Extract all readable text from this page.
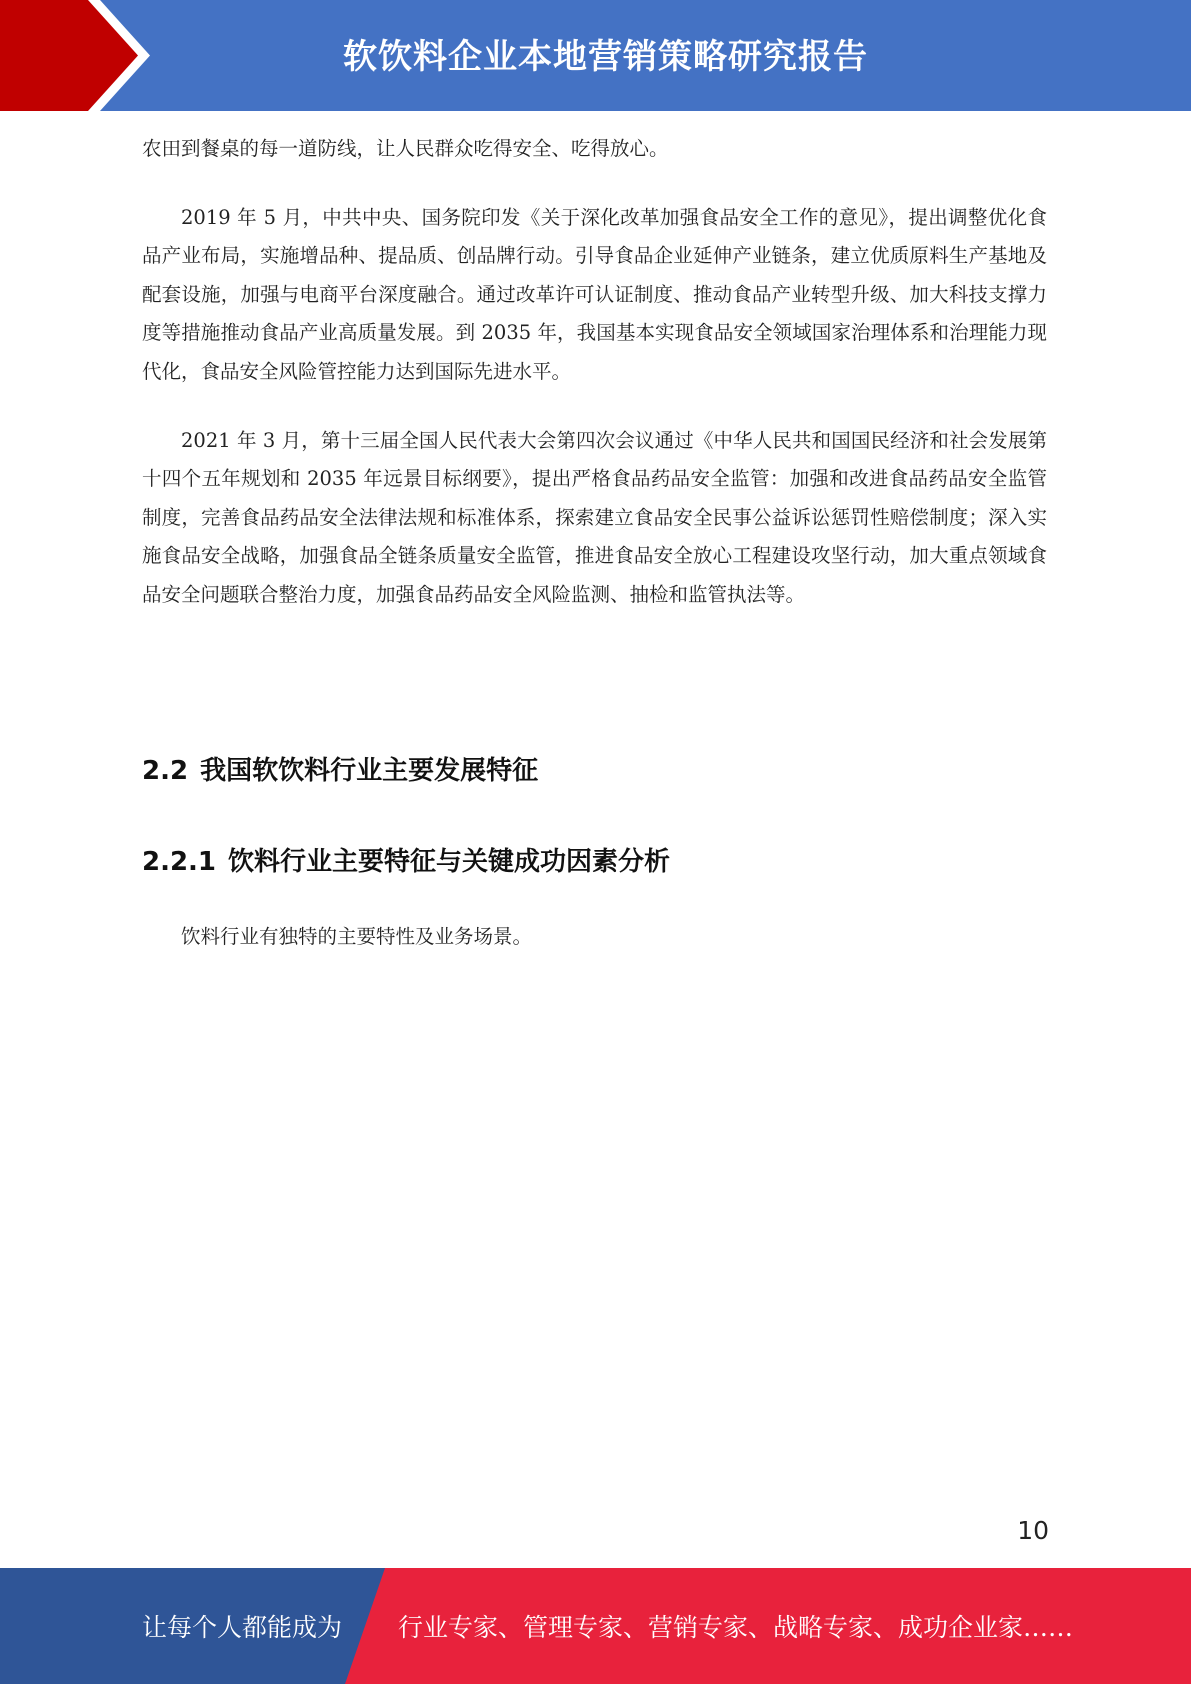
软饮料企业本地营销策略研究报告

农田到餐桌的每一道防线，让人民群众吃得安全、吃得放心。

2019 年 5 月，中共中央、国务院印发《关于深化改革加强食品安全工作的意见》，提出调整优化食品产业布局，实施增品种、提品质、创品牌行动。引导食品企业延伸产业链条，建立优质原料生产基地及配套设施，加强与电商平台深度融合。通过改革许可认证制度、推动食品产业转型升级、加大科技支撑力度等措施推动食品产业高质量发展。到 2035 年，我国基本实现食品安全领域国家治理体系和治理能力现代化，食品安全风险管控能力达到国际先进水平。

2021 年 3 月，第十三届全国人民代表大会第四次会议通过《中华人民共和国国民经济和社会发展第十四个五年规划和 2035 年远景目标纲要》，提出严格食品药品安全监管：加强和改进食品药品安全监管制度，完善食品药品安全法律法规和标准体系，探索建立食品安全民事公益诉讼惩罚性赔偿制度；深入实施食品安全战略，加强食品全链条质量安全监管，推进食品安全放心工程建设攻坚行动，加大重点领域食品安全问题联合整治力度，加强食品药品安全风险监测、抽检和监管执法等。

2.2 我国软饮料行业主要发展特征
2.2.1 饮料行业主要特征与关键成功因素分析

饮料行业有独特的主要特性及业务场景。

10
让每个人都能成为 行业专家、管理专家、营销专家、战略专家、成功企业家……
